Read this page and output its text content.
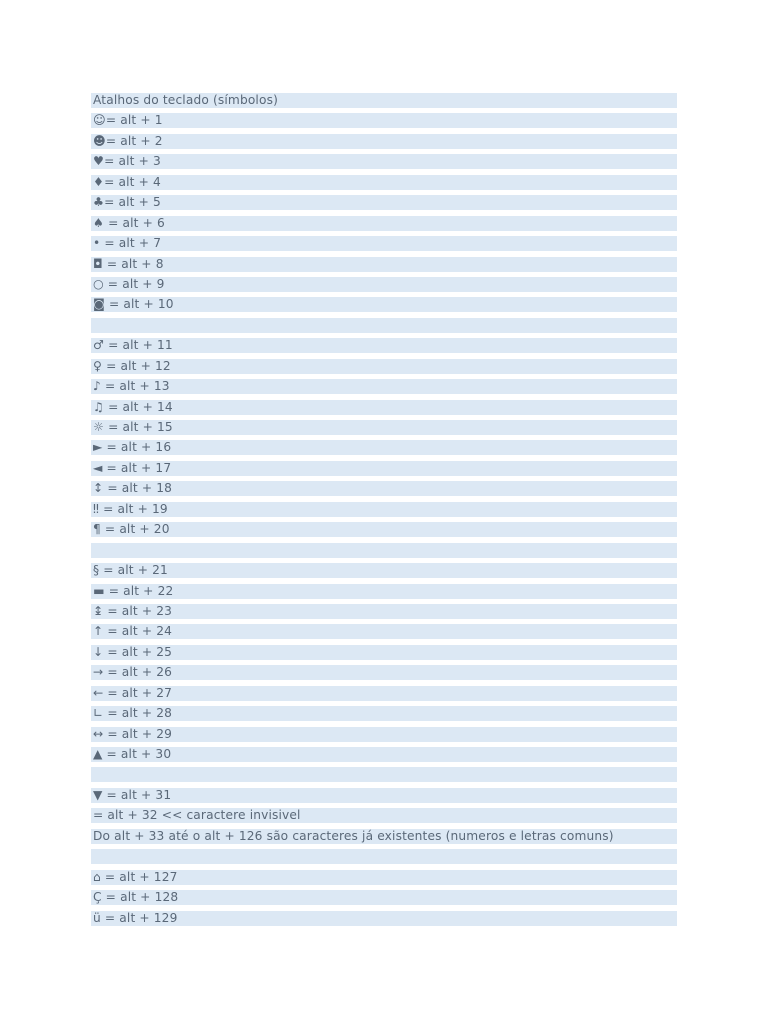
Atalhos do teclado (símbolos)
☺= alt + 1
☻= alt + 2
♥= alt + 3
♦= alt + 4
♣= alt + 5
♠ = alt + 6
• = alt + 7
◘ = alt + 8
○ = alt + 9
◙ = alt + 10
♂ = alt + 11
♀ = alt + 12
♪ = alt + 13
♫ = alt + 14
☼ = alt + 15
► = alt + 16
◄ = alt + 17
↕ = alt + 18
‼ = alt + 19
¶ = alt + 20
§ = alt + 21
▬ = alt + 22
↨ = alt + 23
↑ = alt + 24
↓ = alt + 25
→ = alt + 26
← = alt + 27
∟ = alt + 28
↔ = alt + 29
▲ = alt + 30
▼ = alt + 31
= alt + 32 << caractere invisivel
Do alt + 33 até o alt + 126 são caracteres já existentes (numeros e letras comuns)
⌂ = alt + 127
Ç = alt + 128
ü = alt + 129
